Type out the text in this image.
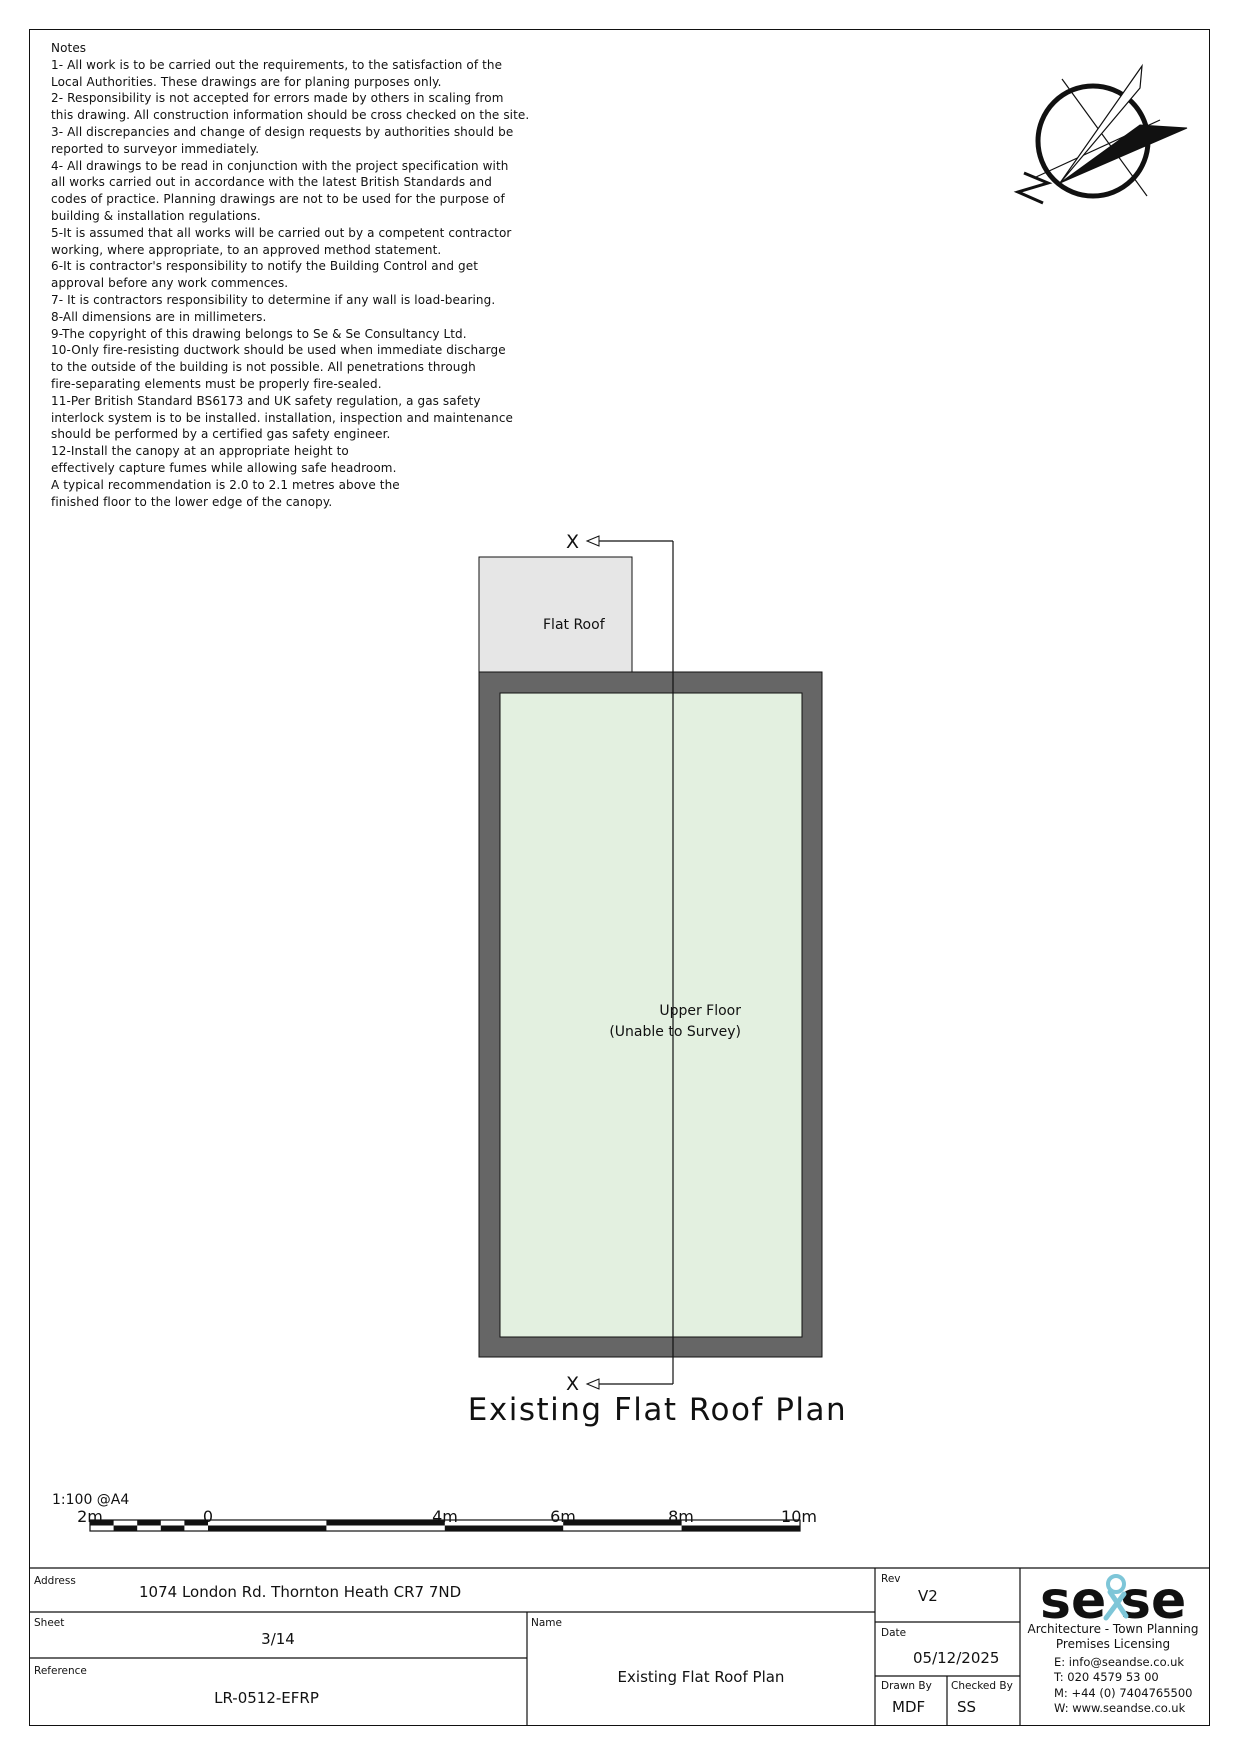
Notes
1- All work is to be carried out the requirements, to the satisfaction of the
Local Authorities. These drawings are for planing purposes only.
2- Responsibility is not accepted for errors made by others in scaling from
this drawing. All construction information should be cross checked on the site.
3- All discrepancies and change of design requests by authorities should be
reported to surveyor immediately.
4- All drawings to be read in conjunction with the project specification with
all works carried out in accordance with the latest British Standards and
codes of practice. Planning drawings are not to be used for the purpose of
building & installation regulations.
5-It is assumed that all works will be carried out by a competent contractor
working, where appropriate, to an approved method statement.
6-It is contractor's responsibility to notify the Building Control and get
approval before any work commences.
7- It is contractors responsibility to determine if any wall is load-bearing.
8-All dimensions are in millimeters.
9-The copyright of this drawing belongs to Se & Se Consultancy Ltd.
10-Only fire-resisting ductwork should be used when immediate discharge
to the outside of the building is not possible. All penetrations through
fire-separating elements must be properly fire-sealed.
11-Per British Standard BS6173 and UK safety regulation, a gas safety
interlock system is to be installed. installation, inspection and maintenance
should be performed by a certified gas safety engineer.
12-Install the canopy at an appropriate height to
effectively capture fumes while allowing safe headroom.
A typical recommendation is 2.0 to 2.1 metres above the
finished floor to the lower edge of the canopy.
Flat Roof
X
X
Upper Floor
(Unable to Survey)
Existing Flat Roof Plan
1:100 @A4
2m	0	4m	6m	8m	10m
Address
1074 London Rd. Thornton Heath CR7 7ND
Sheet
3/14
Reference
LR-0512-EFRP
Name
Existing Flat Roof Plan
Rev
V2
Date
05/12/2025
Drawn By
MDF
Checked By
SS
se se
Architecture - Town Planning
Premises Licensing
E: info@seandse.co.uk
T: 020 4579 53 00
M: +44 (0) 7404765500
W: www.seandse.co.uk
